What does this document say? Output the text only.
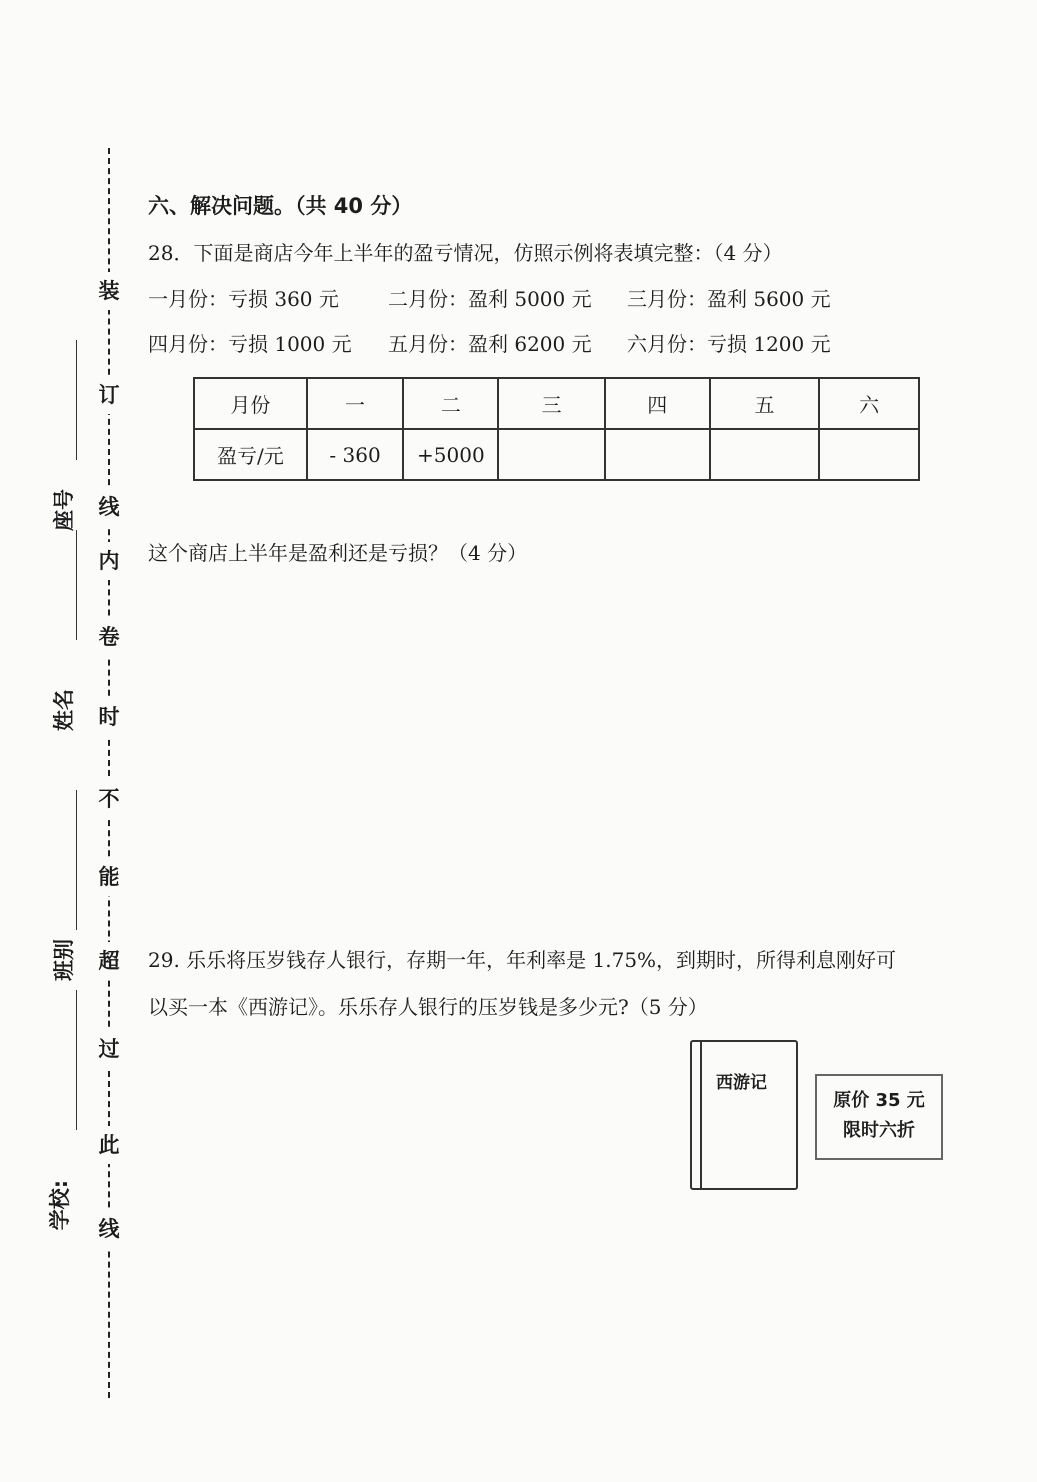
装
订
线
内
卷
时
不
能
超
过
此
线
座号
姓名
班别
学校:
六、解决问题。（共 40 分）
28．下面是商店今年上半年的盈亏情况，仿照示例将表填完整：（4 分）
一月份：亏损 360 元 二月份：盈利 5000 元 三月份：盈利 5600 元
四月份：亏损 1000 元 五月份：盈利 6200 元 六月份：亏损 1200 元
月份	一	二	三	四	五	六
盈亏/元	- 360	+5000				
这个商店上半年是盈利还是亏损？（4 分）
29. 乐乐将压岁钱存人银行，存期一年，年利率是 1.75%，到期时，所得利息刚好可
以买一本《西游记》。乐乐存人银行的压岁钱是多少元?（5 分）
西游记
原价 35 元
限时六折
